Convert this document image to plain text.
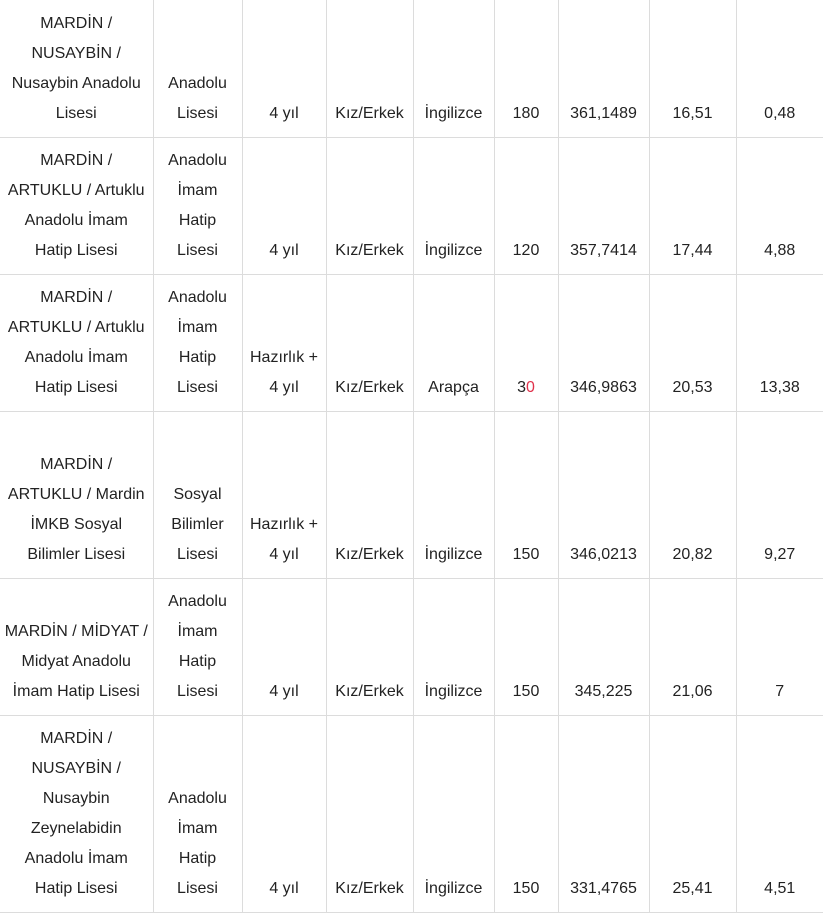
MARDİN / NUSAYBİN / Nusaybin Anadolu Lisesi	Anadolu Lisesi	4 yıl	Kız/Erkek	İngilizce	180	361,1489	16,51	0,48
MARDİN / ARTUKLU / Artuklu Anadolu İmam Hatip Lisesi	Anadolu İmam Hatip Lisesi	4 yıl	Kız/Erkek	İngilizce	120	357,7414	17,44	4,88
MARDİN / ARTUKLU / Artuklu Anadolu İmam Hatip Lisesi	Anadolu İmam Hatip Lisesi	Hazırlık + 4 yıl	Kız/Erkek	Arapça	30	346,9863	20,53	13,38
MARDİN / ARTUKLU / Mardin İMKB Sosyal Bilimler Lisesi	Sosyal Bilimler Lisesi	Hazırlık + 4 yıl	Kız/Erkek	İngilizce	150	346,0213	20,82	9,27
MARDİN / MİDYAT / Midyat Anadolu İmam Hatip Lisesi	Anadolu İmam Hatip Lisesi	4 yıl	Kız/Erkek	İngilizce	150	345,225	21,06	7
MARDİN / NUSAYBİN / Nusaybin Zeynelabidin Anadolu İmam Hatip Lisesi	Anadolu İmam Hatip Lisesi	4 yıl	Kız/Erkek	İngilizce	150	331,4765	25,41	4,51
